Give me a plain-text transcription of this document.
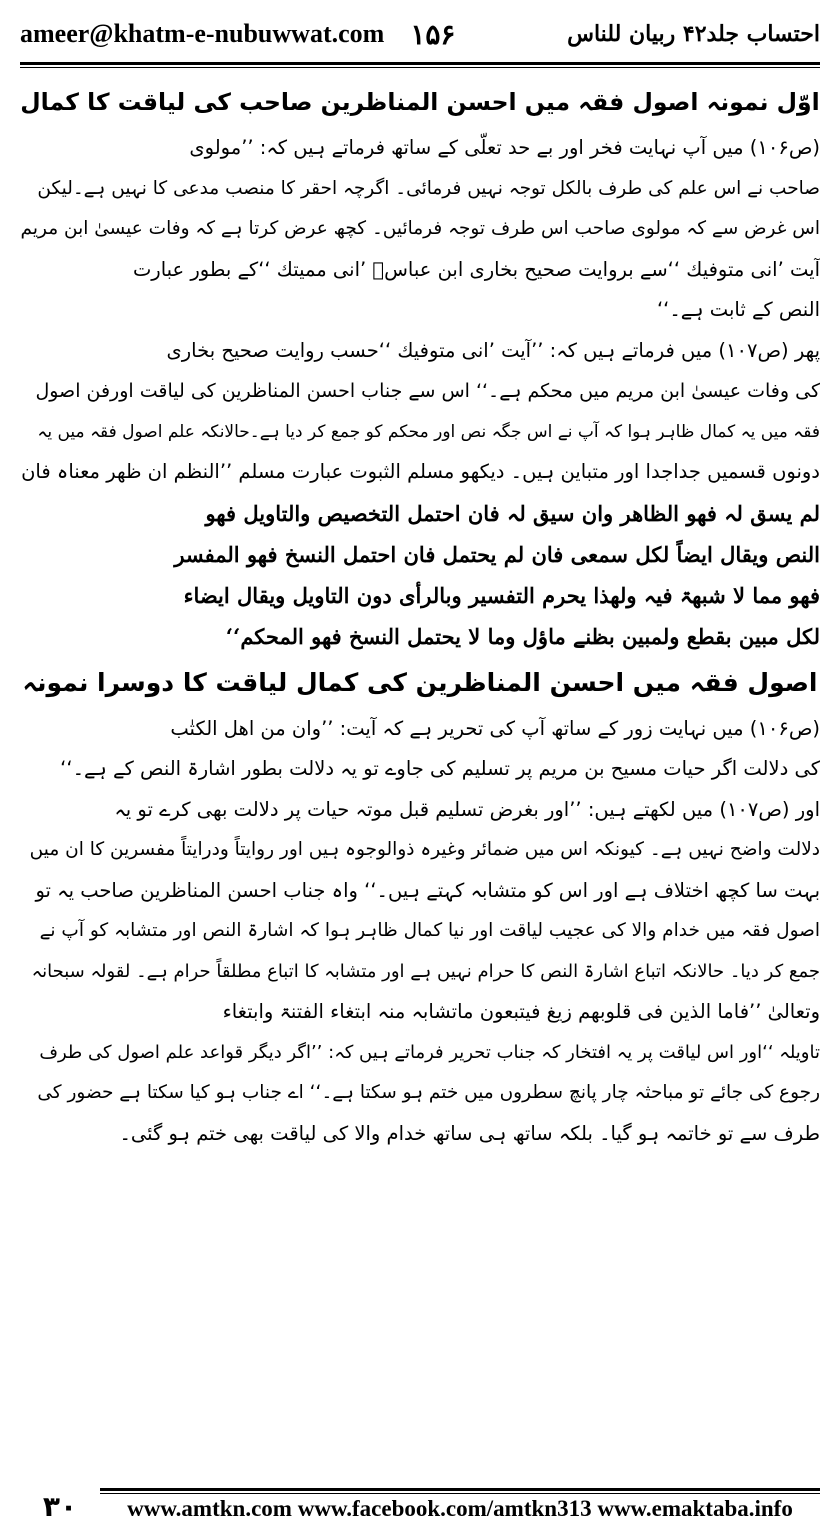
ameer@khatm-e-nubuwwat.com ۱۵۶	احتساب جلد۴۲ ربیان للناس
اوّل نمونہ اصول فقہ میں احسن المناظرین صاحب کی لیاقت کا کمال
(ص۱۰۶) میں آپ نہایت فخر اور بے حد تعلّی کے ساتھ فرماتے ہیں کہ: ’’مولوی
صاحب نے اس علم کی طرف بالکل توجہ نہیں فرمائی۔ اگرچہ احقر کا منصب مدعی کا نہیں ہے۔لیکن
اس غرض سے کہ مولوی صاحب اس طرف توجہ فرمائیں۔ کچھ عرض کرتا ہے کہ وفات عیسیٰ ابن مریم
آیت ’انی متوفیك ‘‘سے بروایت صحیح بخاری ابن عباسؓ ’انی ممیتك ‘‘کے بطور عبارت
النص کے ثابت ہے۔‘‘
پھر (ص۱۰۷) میں فرماتے ہیں کہ: ’’آیت ’انی متوفیك ‘‘حسب روایت صحیح بخاری
کی وفات عیسیٰ ابن مریم میں محکم ہے۔‘‘ اس سے جناب احسن المناظرین کی لیاقت اورفن اصول
فقہ میں یہ کمال ظاہر ہوا کہ آپ نے اس جگہ نص اور محکم کو جمع کر دیا ہے۔حالانکہ علم اصول فقہ میں یہ
دونوں قسمیں جداجدا اور متباین ہیں۔ دیکھو مسلم الثبوت عبارت مسلم ’’النظم ان ظھر معناہ فان
لم یسق لہ فھو الظاھر وان سیق لہ فان احتمل التخصیص والتاویل فھو
النص ویقال ایضاً لکل سمعی فان لم یحتمل فان احتمل النسخ فھو المفسر
فھو مما لا شبھۃ فیہ ولھذا یحرم التفسیر وبالرأی دون التاویل ویقال ایضاء
لکل مبین بقطع ولمبین بظنے ماؤل وما لا یحتمل النسخ فھو المحکم‘‘
اصول فقہ میں احسن المناظرین کی کمال لیاقت کا دوسرا نمونہ
(ص۱۰۶) میں نہایت زور کے ساتھ آپ کی تحریر ہے کہ آیت: ’’وان من اھل الکتٰب
کی دلالت اگر حیات مسیح بن مریم پر تسلیم کی جاوے تو یہ دلالت بطور اشارۃ النص کے ہے۔‘‘
اور (ص۱۰۷) میں لکھتے ہیں: ’’اور بغرض تسلیم قبل موتہ حیات پر دلالت بھی کرے تو یہ
دلالت واضح نہیں ہے۔ کیونکہ اس میں ضمائر وغیرہ ذوالوجوہ ہیں اور روایتاً ودرایتاً مفسرین کا ان میں
بہت سا کچھ اختلاف ہے اور اس کو متشابہ کہتے ہیں۔‘‘ واہ جناب احسن المناظرین صاحب یہ تو
اصول فقہ میں خدام والا کی عجیب لیاقت اور نیا کمال ظاہر ہوا کہ اشارۃ النص اور متشابہ کو آپ نے
جمع کر دیا۔ حالانکہ اتباع اشارۃ النص کا حرام نہیں ہے اور متشابہ کا اتباع مطلقاً حرام ہے۔ لقولہ سبحانہ
وتعالیٰ ’’فاما الذین فی قلوبھم زیغ فیتبعون ماتشابہ منہ ابتغاء الفتنۃ وابتغاء
تاویلہ ‘‘اور اس لیاقت پر یہ افتخار کہ جناب تحریر فرماتے ہیں کہ: ’’اگر دیگر قواعد علم اصول کی طرف
رجوع کی جائے تو مباحثہ چار پانچ سطروں میں ختم ہو سکتا ہے۔‘‘ اے جناب ہو کیا سکتا ہے حضور کی
طرف سے تو خاتمہ ہو گیا۔ بلکہ ساتھ ہی ساتھ خدام والا کی لیاقت بھی ختم ہو گئی۔
۳۰	www.amtkn.com www.facebook.com/amtkn313 www.emaktaba.info
